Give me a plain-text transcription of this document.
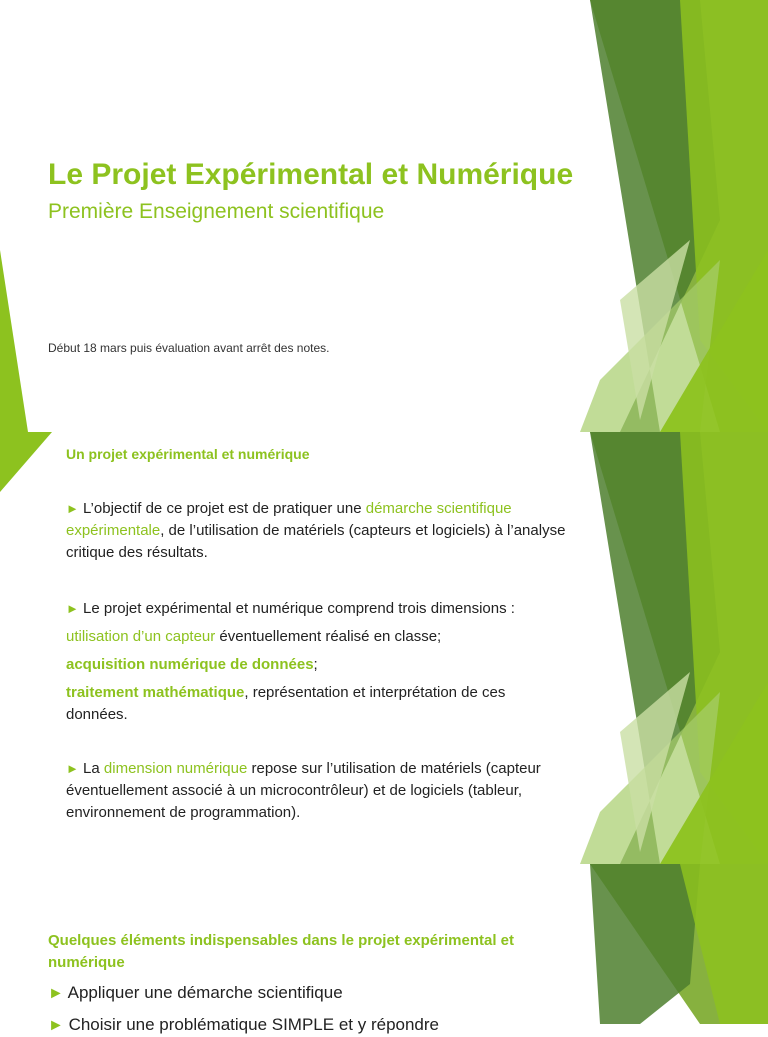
Le Projet Expérimental et Numérique
Première Enseignement scientifique
Début 18 mars puis évaluation avant arrêt des notes.
Un projet expérimental et numérique
► L’objectif de ce projet est de pratiquer une démarche scientifique expérimentale, de l’utilisation de matériels (capteurs et logiciels) à l’analyse critique des résultats.
► Le projet expérimental et numérique comprend trois dimensions :
utilisation d’un capteur éventuellement réalisé en classe;
acquisition numérique de données;
traitement mathématique, représentation et interprétation de ces données.
► La dimension numérique repose sur l’utilisation de matériels (capteur éventuellement associé à un microcontrôleur) et de logiciels (tableur, environnement de programmation).
Quelques éléments indispensables dans le projet expérimental et numérique
► Appliquer une démarche scientifique
► Choisir une problématique SIMPLE et y répondre
